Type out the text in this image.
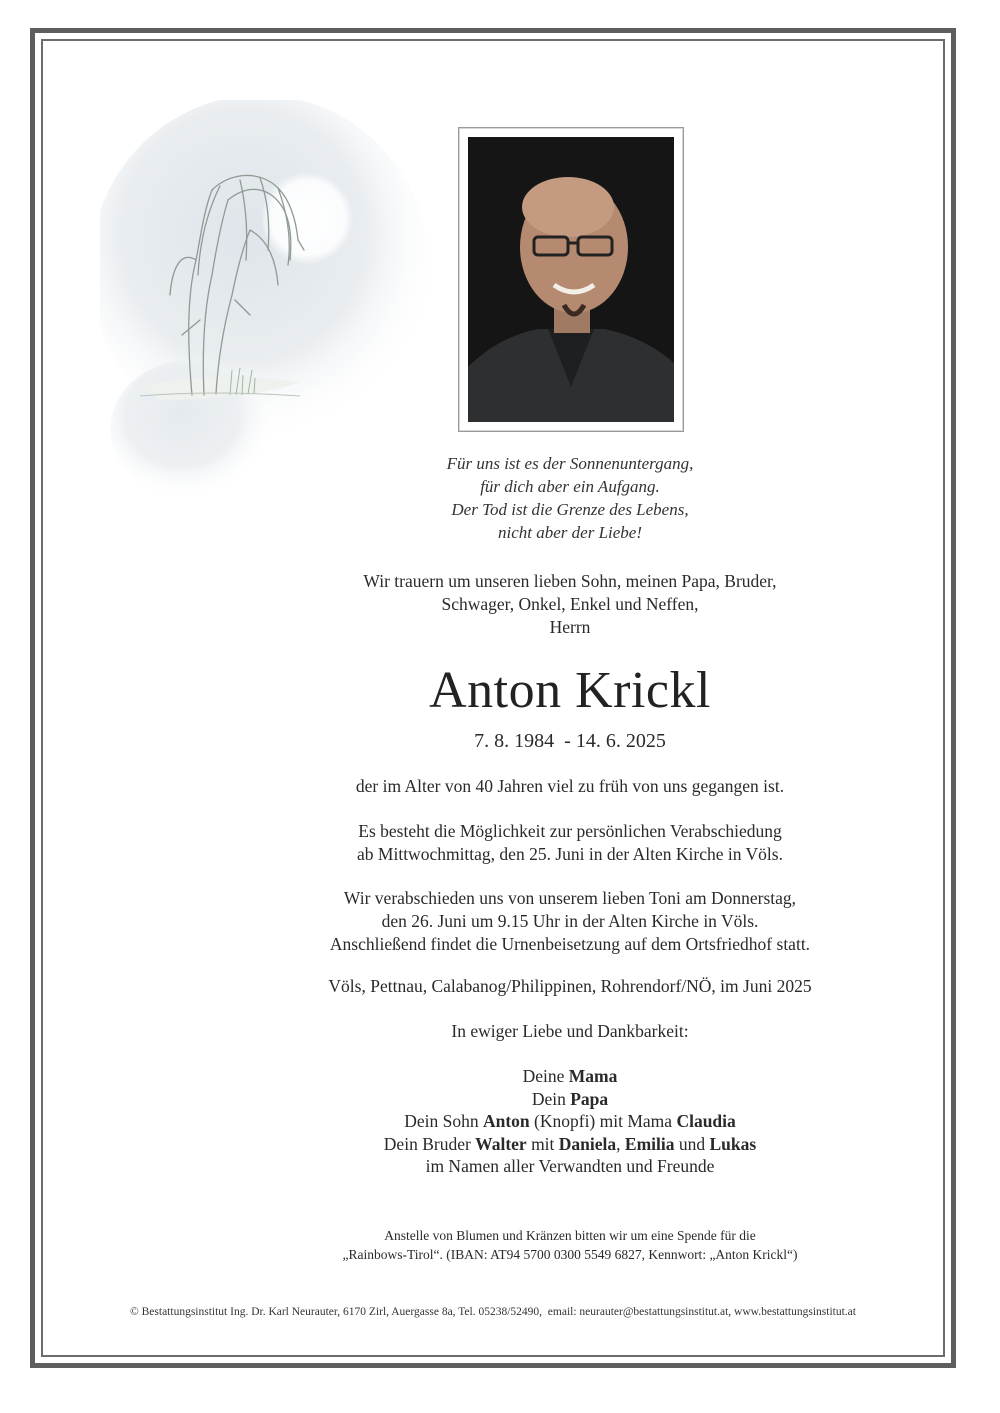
Für uns ist es der Sonnenuntergang,
für dich aber ein Aufgang.
Der Tod ist die Grenze des Lebens,
nicht aber der Liebe!
Wir trauern um unseren lieben Sohn, meinen Papa, Bruder,
Schwager, Onkel, Enkel und Neffen,
Herrn
Anton Krickl
7. 8. 1984  - 14. 6. 2025
der im Alter von 40 Jahren viel zu früh von uns gegangen ist.
Es besteht die Möglichkeit zur persönlichen Verabschiedung
ab Mittwochmittag, den 25. Juni in der Alten Kirche in Völs.
Wir verabschieden uns von unserem lieben Toni am Donnerstag,
den 26. Juni um 9.15 Uhr in der Alten Kirche in Völs.
Anschließend findet die Urnenbeisetzung auf dem Ortsfriedhof statt.
Völs, Pettnau, Calabanog/Philippinen, Rohrendorf/NÖ, im Juni 2025
In ewiger Liebe und Dankbarkeit:
Deine Mama
Dein Papa
Dein Sohn Anton (Knopfi) mit Mama Claudia
Dein Bruder Walter mit Daniela, Emilia und Lukas
im Namen aller Verwandten und Freunde
Anstelle von Blumen und Kränzen bitten wir um eine Spende für die
„Rainbows-Tirol“. (IBAN: AT94 5700 0300 5549 6827, Kennwort: „Anton Krickl“)
© Bestattungsinstitut Ing. Dr. Karl Neurauter, 6170 Zirl, Auergasse 8a, Tel. 05238/52490,  email: neurauter@bestattungsinstitut.at, www.bestattungsinstitut.at
